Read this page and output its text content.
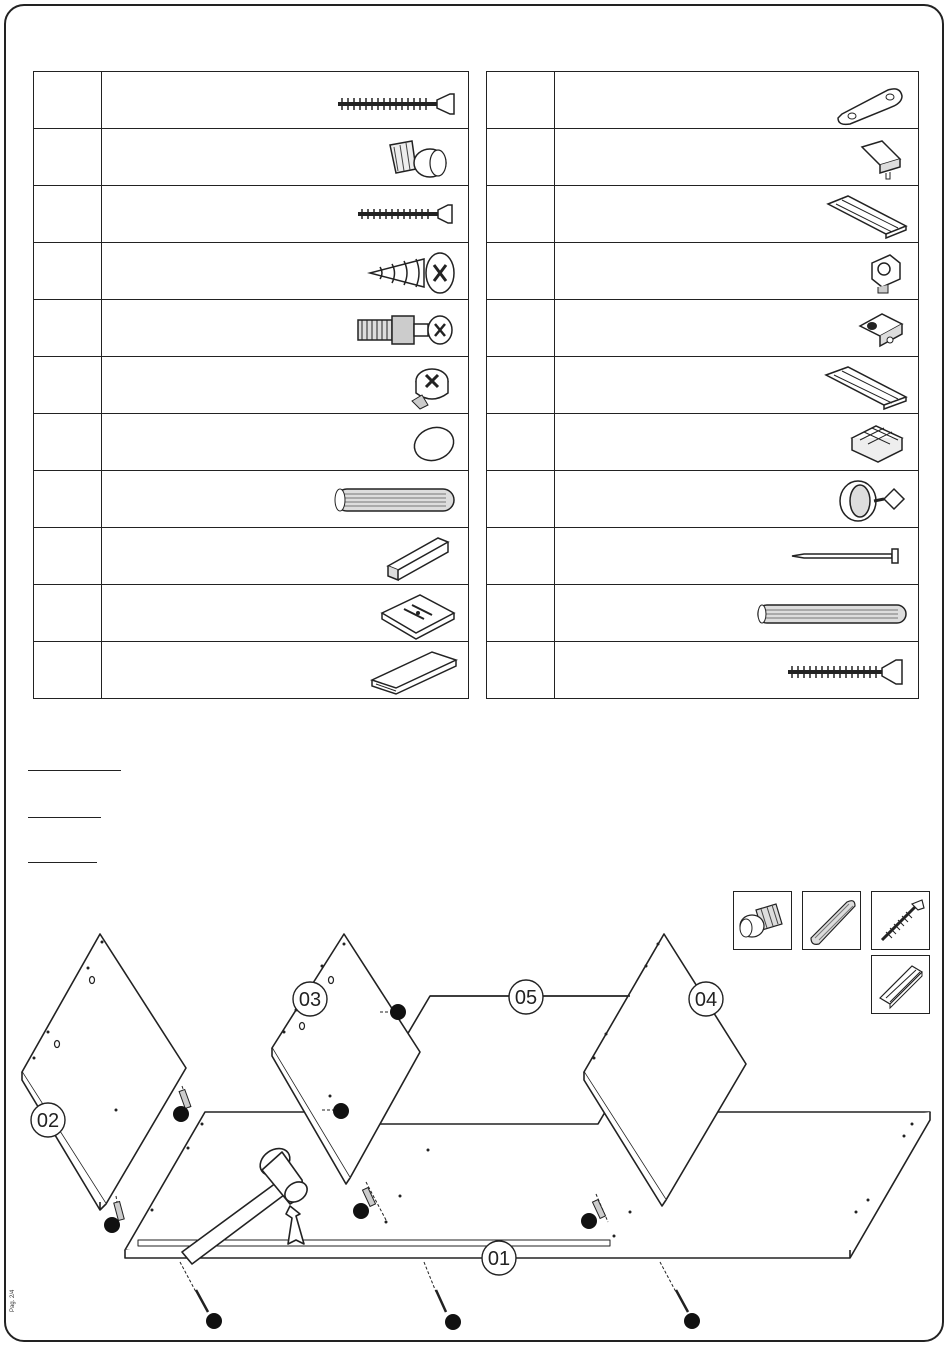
01
02
03	04
05
Pag. 2/4
